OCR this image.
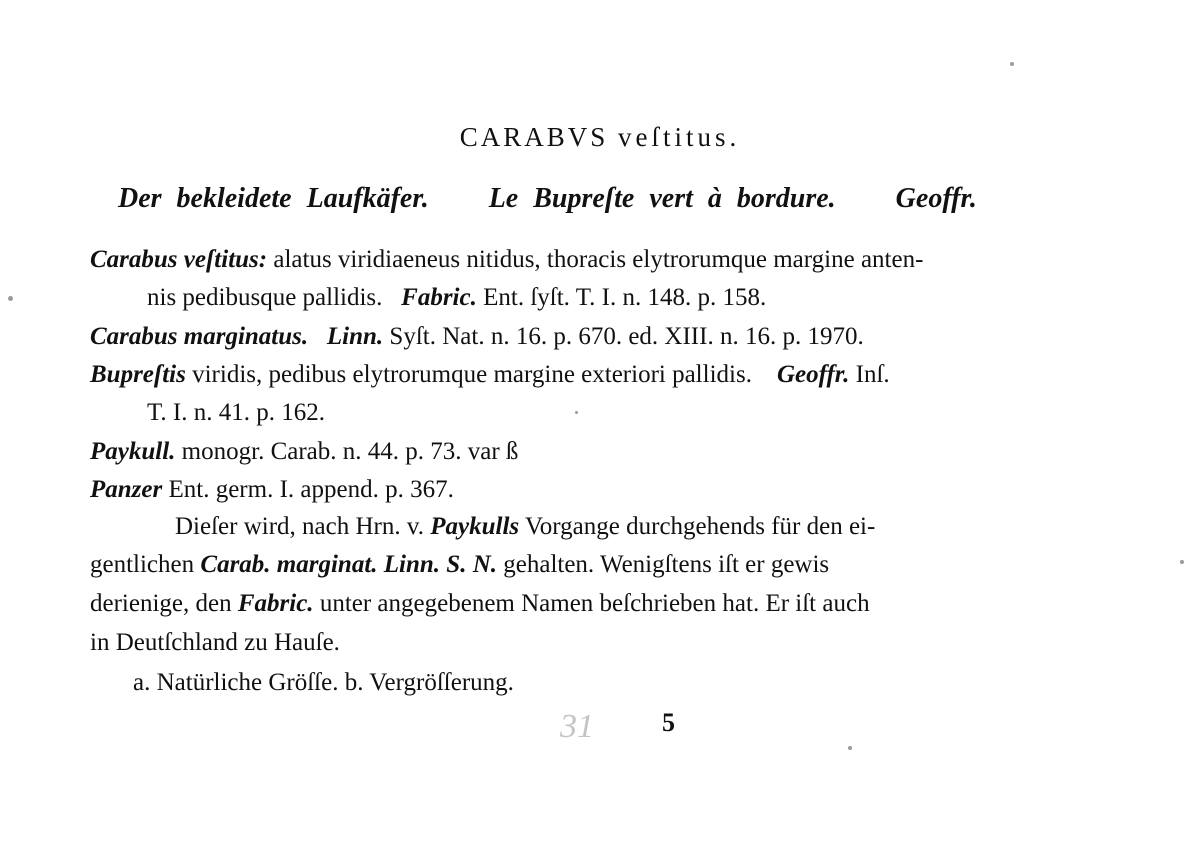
CARABVS veſtitus.
Der bekleidete Laufkäfer. Le Bupreſte vert à bordure. Geoffr.
Carabus veſtitus: alatus viridiaeneus nitidus, thoracis elytrorumque margine anten-
nis pedibusque pallidis. Fabric. Ent. ſyſt. T. I. n. 148. p. 158.
Carabus marginatus. Linn. Syſt. Nat. n. 16. p. 670. ed. XIII. n. 16. p. 1970.
Bupreſtis viridis, pedibus elytrorumque margine exteriori pallidis. Geoffr. Inſ.
T. I. n. 41. p. 162.
Paykull. monogr. Carab. n. 44. p. 73. var ß
Panzer Ent. germ. I. append. p. 367.
Dieſer wird, nach Hrn. v. Paykulls Vorgange durchgehends für den ei-
gentlichen Carab. marginat. Linn. S. N. gehalten. Wenigſtens iſt er gewis
derienige, den Fabric. unter angegebenem Namen beſchrieben hat. Er iſt auch
in Deutſchland zu Hauſe.
a. Natürliche Gröſſe. b. Vergröſſerung.
31	5
